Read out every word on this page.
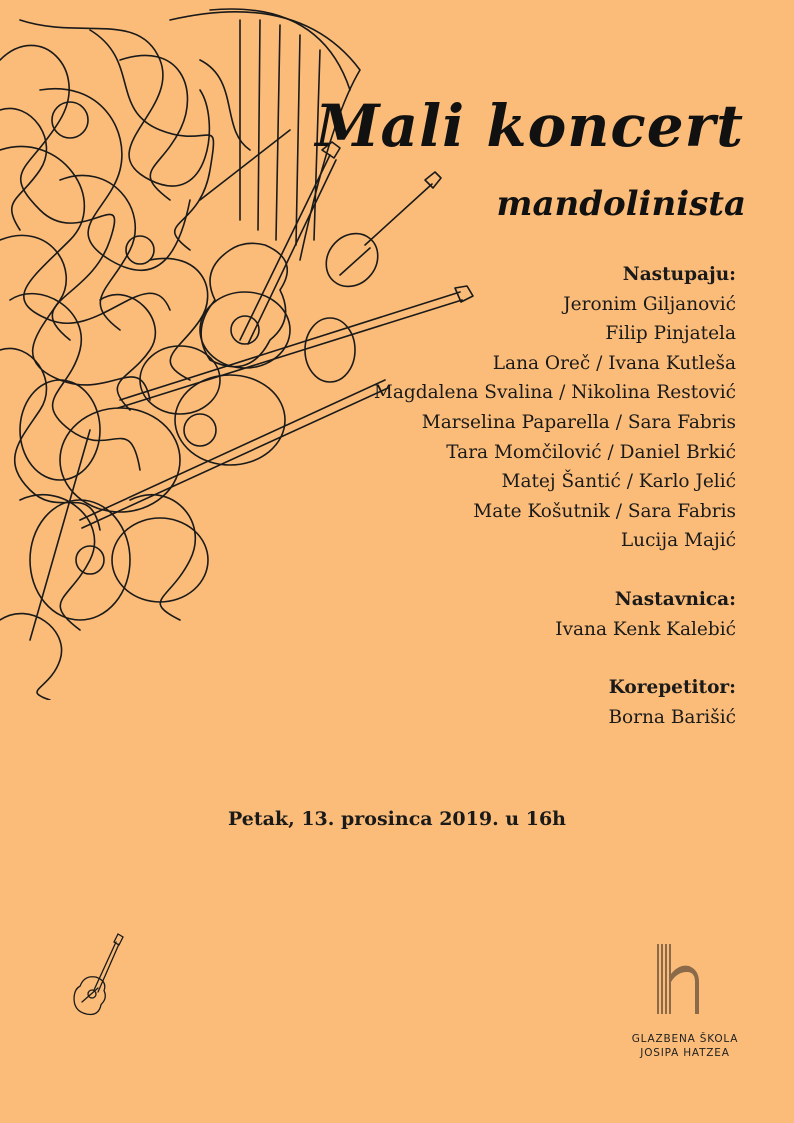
Mali koncert
mandolinista
Nastupaju:
Jeronim Giljanović
Filip Pinjatela
Lana Oreč / Ivana Kutleša
Magdalena Svalina / Nikolina Restović
Marselina Paparella / Sara Fabris
Tara Momčilović / Daniel Brkić
Matej Šantić / Karlo Jelić
Mate Košutnik / Sara Fabris
Lucija Majić
Nastavnica:
Ivana Kenk Kalebić
Korepetitor:
Borna Barišić
Petak, 13. prosinca 2019. u 16h
GLAZBENA ŠKOLA
JOSIPA HATZEA
